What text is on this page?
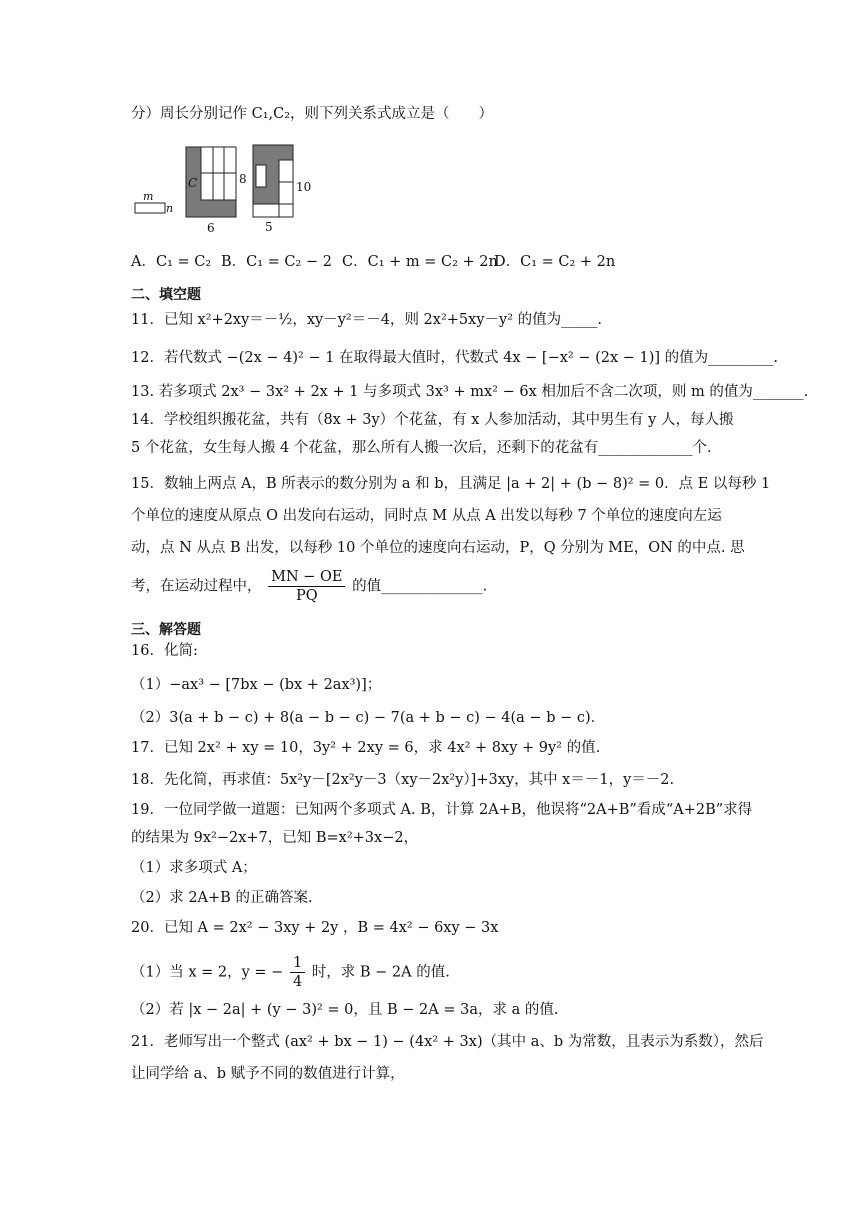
分）周长分别记作 C₁,C₂，则下列关系式成立是（　　）
m
n
C	8
6
10
5
A．C₁ = C₂ B．C₁ = C₂ − 2 C．C₁ + m = C₂ + 2n
D．C₁ = C₂ + 2n
二、填空题
11．已知 x²+2xy＝－½，xy－y²＝－4，则 2x²+5xy－y² 的值为_____.
12．若代数式 −(2x − 4)² − 1 在取得最大值时，代数式 4x − [−x² − (2x − 1)] 的值为_________.
13. 若多项式 2x³ − 3x² + 2x + 1 与多项式 3x³ + mx² − 6x 相加后不含二次项，则 m 的值为_______.
14．学校组织搬花盆，共有（8x + 3y）个花盆，有 x 人参加活动，其中男生有 y 人，每人搬
5 个花盆，女生每人搬 4 个花盆，那么所有人搬一次后，还剩下的花盆有_____________个.
15．数轴上两点 A，B 所表示的数分别为 a 和 b，且满足 |a + 2| + (b − 8)² = 0．点 E 以每秒 1
个单位的速度从原点 O 出发向右运动，同时点 M 从点 A 出发以每秒 7 个单位的速度向左运
动，点 N 从点 B 出发，以每秒 10 个单位的速度向右运动，P，Q 分别为 ME，ON 的中点. 思
考，在运动过程中， $\frac{MN - OE}{PQ}$ 的值______________.
三、解答题
16．化简:
（1）−ax³ − [7bx − (bx + 2ax³)]；
（2）3(a + b − c) + 8(a − b − c) − 7(a + b − c) − 4(a − b − c)．
17．已知 2x² + xy = 10，3y² + 2xy = 6，求 4x² + 8xy + 9y² 的值.
18．先化简，再求值：5x²y－[2x²y－3（xy－2x²y）]+3xy，其中 x＝－1，y＝－2.
19．一位同学做一道题：已知两个多项式 A. B，计算 2A+B，他误将“2A+B”看成“A+2B”求得
的结果为 9x²−2x+7，已知 B=x²+3x−2，
（1）求多项式 A；
（2）求 2A+B 的正确答案.
20．已知 A = 2x² − 3xy + 2y ，B = 4x² − 6xy − 3x
（1）当 x = 2，y = − $\frac{1}{4}$ 时，求 B − 2A 的值.
（2）若 |x − 2a| + (y − 3)² = 0，且 B − 2A = 3a，求 a 的值.
21．老师写出一个整式 (ax² + bx − 1) − (4x² + 3x)（其中 a、b 为常数，且表示为系数），然后
让同学给 a、b 赋予不同的数值进行计算，
